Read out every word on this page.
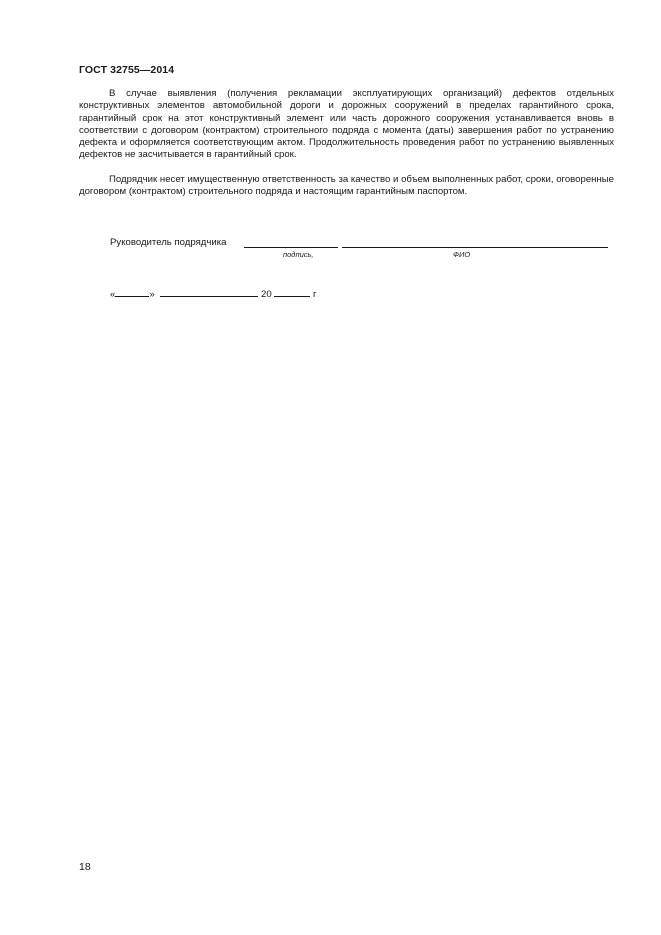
ГОСТ 32755—2014

В случае выявления (получения рекламации эксплуатирующих организаций) дефектов отдельных конструктивных элементов автомобильной дороги и дорожных сооружений в пределах гарантийного срока, гарантийный срок на этот конструктивный элемент или часть дорожного сооружения устанавливается вновь в соответствии с договором (контрактом) строительного подряда с момента (даты) завершения работ по устранению дефекта и оформляется соответствующим актом. Продолжительность проведения работ по устранению выявленных дефектов не засчитывается в гарантийный срок.

Подрядчик несет имущественную ответственность за качество и объем выполненных работ, сроки, оговоренные договором (контрактом) строительного подряда и настоящим гарантийным паспортом.

Руководитель подрядчика
подпись,	ФИО
«	»	20	г
18
